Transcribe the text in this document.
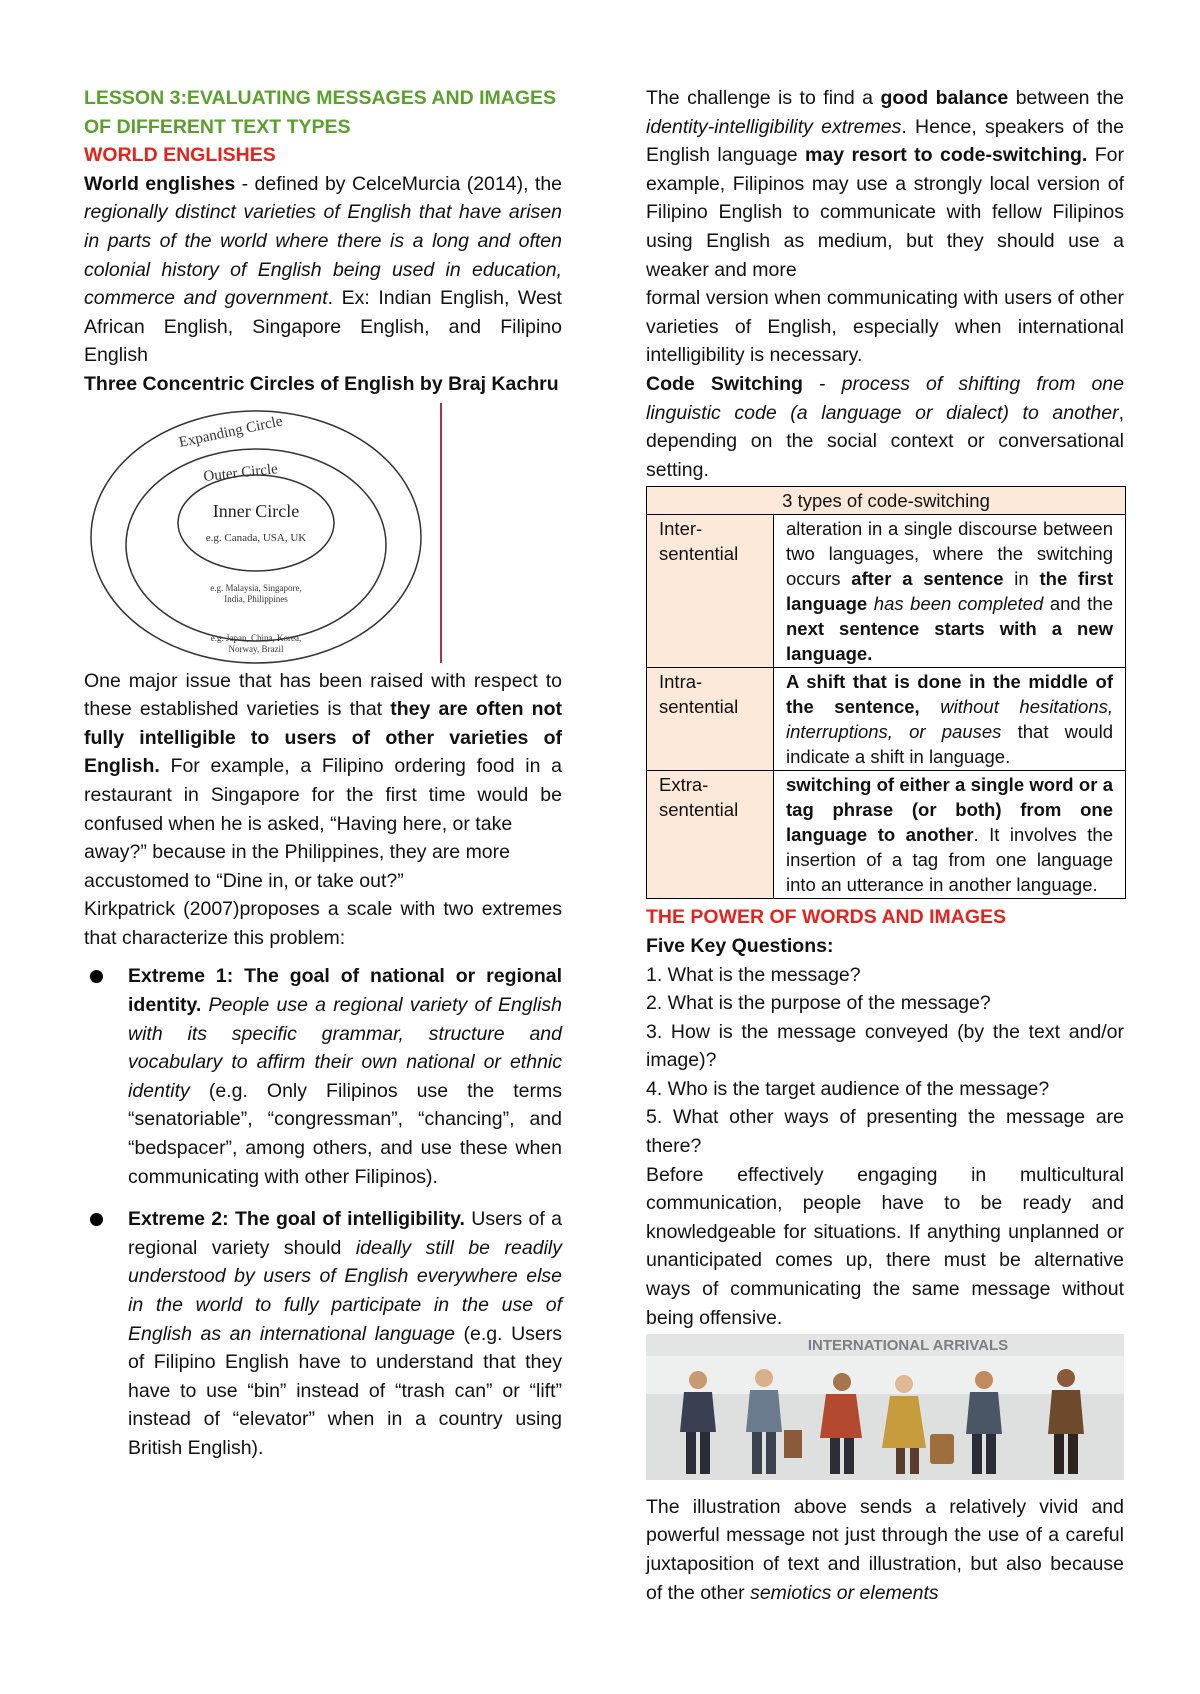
LESSON 3:EVALUATING MESSAGES AND IMAGES OF DIFFERENT TEXT TYPES

WORLD ENGLISHES

World englishes - defined by CelceMurcia (2014), the regionally distinct varieties of English that have arisen in parts of the world where there is a long and often colonial history of English being used in education, commerce and government. Ex: Indian English, West African English, Singapore English, and Filipino English

Three Concentric Circles of English by Braj Kachru

Expanding Circle
Outer Circle
Inner Circle
e.g. Canada, USA, UK
e.g. Malaysia, Singapore,
India, Philippines
e.g. Japan, China, Korea,
Norway, Brazil

One major issue that has been raised with respect to these established varieties is that they are often not fully intelligible to users of other varieties of English. For example, a Filipino ordering food in a restaurant in Singapore for the first time would be confused when he is asked, “Having here, or take

away?” because in the Philippines, they are more accustomed to “Dine in, or take out?”

Kirkpatrick (2007)proposes a scale with two extremes that characterize this problem:

Extreme 1: The goal of national or regional identity. People use a regional variety of English with its specific grammar, structure and vocabulary to affirm their own national or ethnic identity (e.g. Only Filipinos use the terms “senatoriable”, “congressman”, “chancing”, and “bedspacer”, among others, and use these when communicating with other Filipinos).
Extreme 2: The goal of intelligibility. Users of a regional variety should ideally still be readily understood by users of English everywhere else in the world to fully participate in the use of English as an international language (e.g. Users of Filipino English have to understand that they have to use “bin” instead of “trash can” or “lift” instead of “elevator” when in a country using British English).

The challenge is to find a good balance between the identity-intelligibility extremes. Hence, speakers of the English language may resort to code-switching. For example, Filipinos may use a strongly local version of Filipino English to communicate with fellow Filipinos using English as medium, but they should use a weaker and more

formal version when communicating with users of other varieties of English, especially when international intelligibility is necessary.

Code Switching - process of shifting from one linguistic code (a language or dialect) to another, depending on the social context or conversational setting.

3 types of code-switching	
Inter-sentential	alteration in a single discourse between two languages, where the switching occurs after a sentence in the first language has been completed and the next sentence starts with a new language.
Intra-sentential	A shift that is done in the middle of the sentence, without hesitations, interruptions, or pauses that would indicate a shift in language.
Extra-sentential	switching of either a single word or a tag phrase (or both) from one language to another. It involves the insertion of a tag from one language into an utterance in another language.

THE POWER OF WORDS AND IMAGES

Five Key Questions:

1. What is the message?

2. What is the purpose of the message?

3. How is the message conveyed (by the text and/or image)?

4. Who is the target audience of the message?

5. What other ways of presenting the message are there?

Before effectively engaging in multicultural communication, people have to be ready and knowledgeable for situations. If anything unplanned or unanticipated comes up, there must be alternative ways of communicating the same message without being offensive.

INTERNATIONAL ARRIVALS

The illustration above sends a relatively vivid and powerful message not just through the use of a careful juxtaposition of text and illustration, but also because of the other semiotics or elements
